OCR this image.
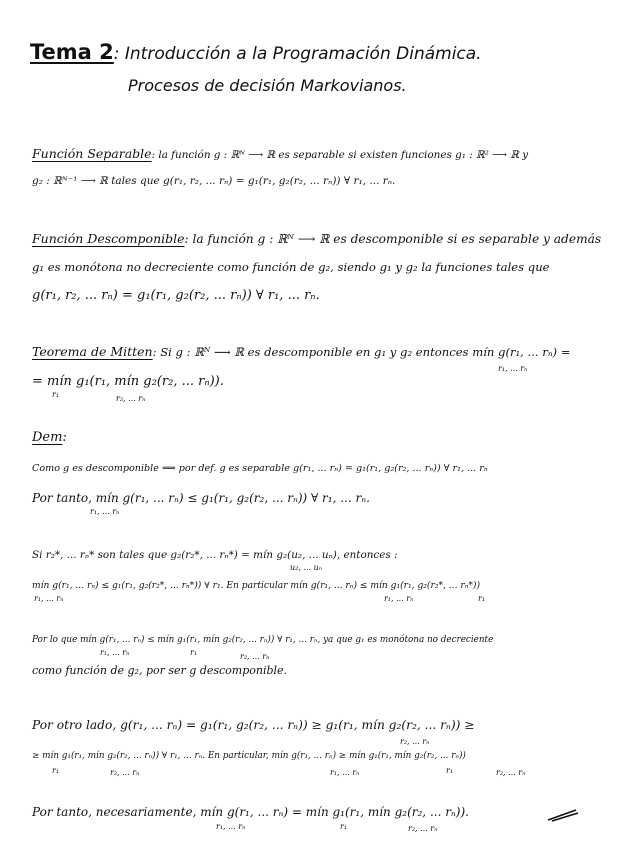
Tema 2: Introducción a la Programación Dinámica.
Procesos de decisión Markovianos.
Función Separable: la función g : ℝᴺ ⟶ ℝ es separable si existen funciones g₁ : ℝ² ⟶ ℝ y
g₂ : ℝᴺ⁻¹ ⟶ ℝ tales que g(r₁, r₂, ... rₙ) = g₁(r₁, g₂(r₂, ... rₙ)) ∀ r₁, ... rₙ.
Función Descomponible: la función g : ℝᴺ ⟶ ℝ es descomponible si es separable y además
g₁ es monótona no decreciente como función de g₂, siendo g₁ y g₂ la funciones tales que
g(r₁, r₂, ... rₙ) = g₁(r₁, g₂(r₂, ... rₙ)) ∀ r₁, ... rₙ.
Teorema de Mitten: Si g : ℝᴺ ⟶ ℝ es descomponible en g₁ y g₂ entonces mín g(r₁, ... rₙ) =
r₁, ... rₙ
= mín g₁(r₁, mín g₂(r₂, ... rₙ)).
r₁	r₂, ... rₙ
Dem:
Como g es descomponible ⟹ por def. g es separable g(r₁, ... rₙ) = g₁(r₁, g₂(r₂, ... rₙ)) ∀ r₁, ... rₙ
Por tanto, mín g(r₁, ... rₙ) ≤ g₁(r₁, g₂(r₂, ... rₙ)) ∀ r₁, ... rₙ.
r₁, ... rₙ
Si r₂*, ... rₙ* son tales que g₂(r₂*, ... rₙ*) = mín g₂(u₂, ... uₙ), entonces :
u₂, ... uₙ
mín g(r₁, ... rₙ) ≤ g₁(r₁, g₂(r₂*, ... rₙ*)) ∀ r₁. En particular mín g(r₁, ... rₙ) ≤ mín g₁(r₁, g₂(r₂*, ... rₙ*))
r₁, ... rₙ	r₁, ... rₙ	r₁
Por lo que mín g(r₁, ... rₙ) ≤ mín g₁(r₁, mín g₂(r₂, ... rₙ)) ∀ r₁, ... rₙ, ya que g₁ es monótona no decreciente
r₁, ... rₙ	r₁	r₂, ... rₙ
como función de g₂, por ser g descomponible.
Por otro lado, g(r₁, ... rₙ) = g₁(r₁, g₂(r₂, ... rₙ)) ≥ g₁(r₁, mín g₂(r₂, ... rₙ)) ≥
r₂, ... rₙ
≥ mín g₁(r₁, mín g₂(r₂, ... rₙ)) ∀ r₁, ... rₙ. En particular, mín g(r₁, ... rₙ) ≥ mín g₁(r₁, mín g₂(r₂, ... rₙ))
r₁	r₂, ... rₙ	r₁, ... rₙ	r₁	r₂, ... rₙ
Por tanto, necesariamente, mín g(r₁, ... rₙ) = mín g₁(r₁, mín g₂(r₂, ... rₙ)).
r₁, ... rₙ	r₁	r₂, ... rₙ
